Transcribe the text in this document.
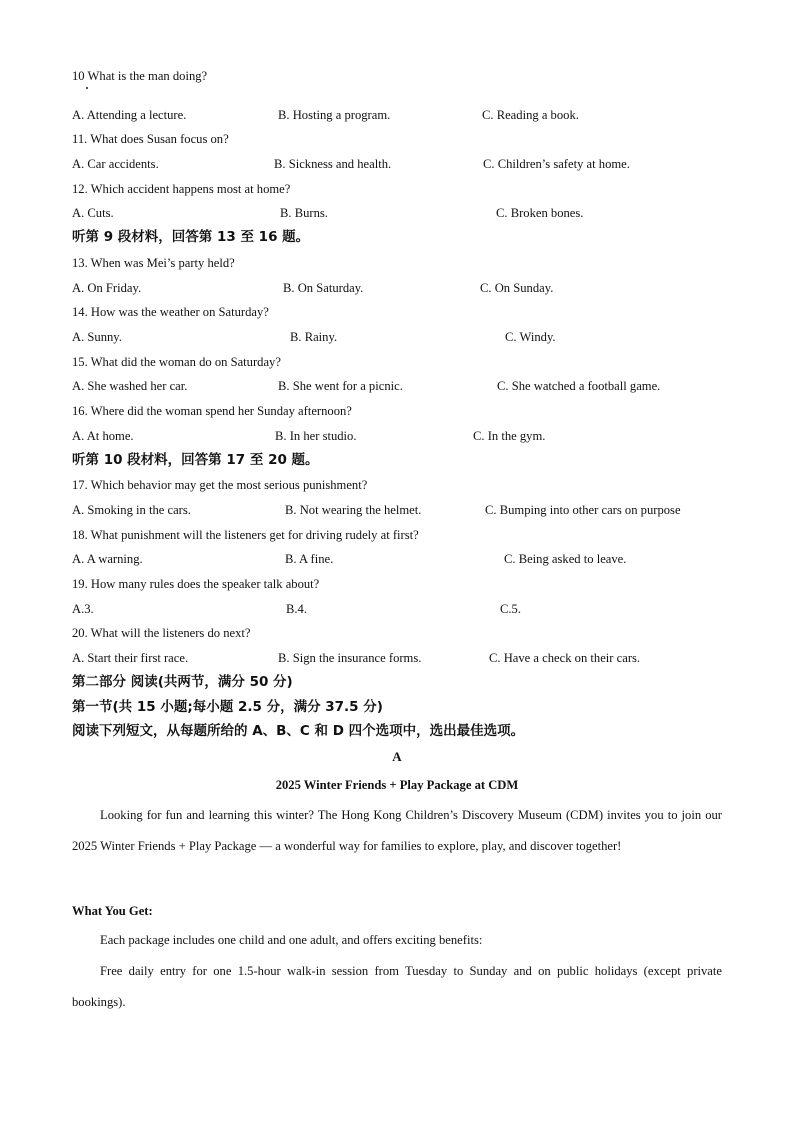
10 What is the man doing?
A. Attending a lecture.	B. Hosting a program.	C. Reading a book.
11. What does Susan focus on?
A. Car accidents.	B. Sickness and health.	C. Children’s safety at home.
12. Which accident happens most at home?
A. Cuts.	B. Burns.	C. Broken bones.
听第 9 段材料，回答第 13 至 16 题。
13. When was Mei’s party held?
A. On Friday.	B. On Saturday.	C. On Sunday.
14. How was the weather on Saturday?
A. Sunny.	B. Rainy.	C. Windy.
15. What did the woman do on Saturday?
A. She washed her car.	B. She went for a picnic.	C. She watched a football game.
16. Where did the woman spend her Sunday afternoon?
A. At home.	B. In her studio.	C. In the gym.
听第 10 段材料，回答第 17 至 20 题。
17. Which behavior may get the most serious punishment?
A. Smoking in the cars.	B. Not wearing the helmet.	C. Bumping into other cars on purpose
18. What punishment will the listeners get for driving rudely at first?
A. A warning.	B. A fine.	C. Being asked to leave.
19. How many rules does the speaker talk about?
A.3.	B.4.	C.5.
20. What will the listeners do next?
A. Start their first race.	B. Sign the insurance forms.	C. Have a check on their cars.
第二部分 阅读(共两节，满分 50 分)
第一节(共 15 小题;每小题 2.5 分，满分 37.5 分)
阅读下列短文，从每题所给的 A、B、C 和 D 四个选项中，选出最佳选项。
A
2025 Winter Friends + Play Package at CDM
Looking for fun and learning this winter? The Hong Kong Children’s Discovery Museum (CDM) invites you to join our 2025 Winter Friends + Play Package — a wonderful way for families to explore, play, and discover together!
What You Get:
Each package includes one child and one adult, and offers exciting benefits:
Free daily entry for one 1.5-hour walk-in session from Tuesday to Sunday and on public holidays (except private bookings).
